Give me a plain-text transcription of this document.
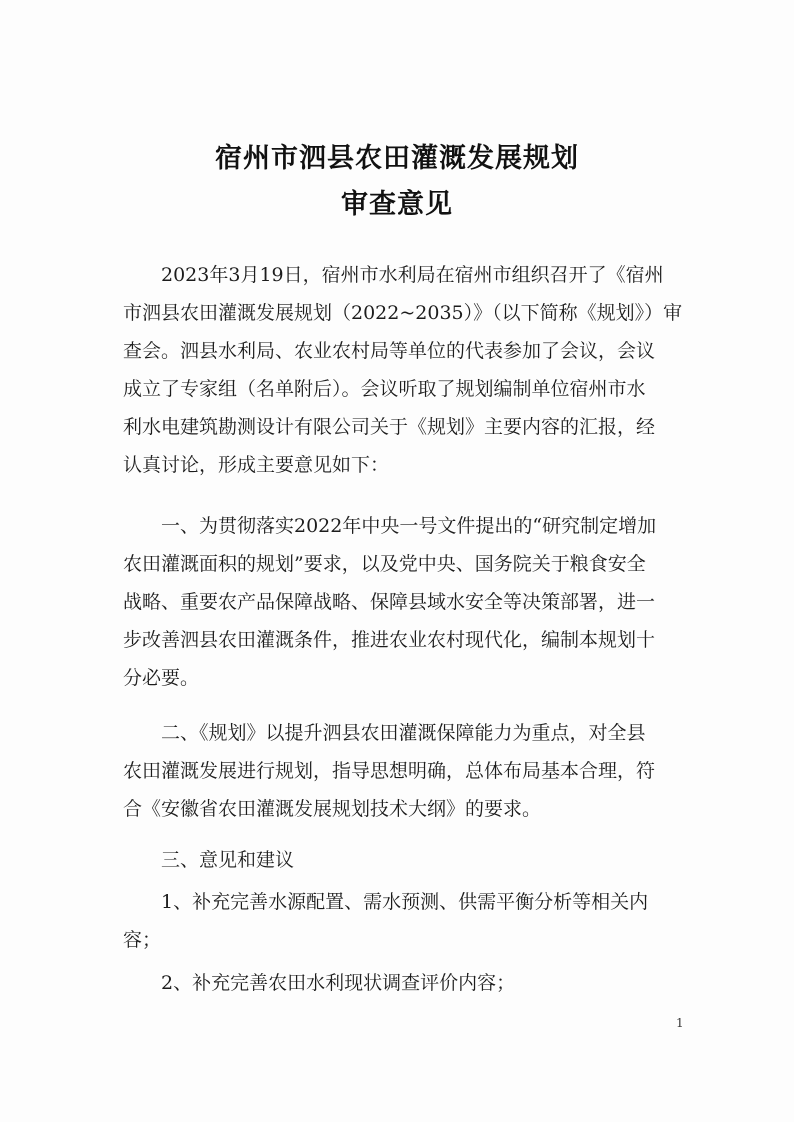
宿州市泗县农田灌溉发展规划
审查意见
2023年3月19日，宿州市水利局在宿州市组织召开了《宿州
市泗县农田灌溉发展规划（2022~2035）》（以下简称《规划》）审
查会。泗县水利局、农业农村局等单位的代表参加了会议，会议
成立了专家组（名单附后）。会议听取了规划编制单位宿州市水
利水电建筑勘测设计有限公司关于《规划》主要内容的汇报，经
认真讨论，形成主要意见如下：
一、为贯彻落实2022年中央一号文件提出的“研究制定增加
农田灌溉面积的规划”要求，以及党中央、国务院关于粮食安全
战略、重要农产品保障战略、保障县域水安全等决策部署，进一
步改善泗县农田灌溉条件，推进农业农村现代化，编制本规划十
分必要。
二、《规划》以提升泗县农田灌溉保障能力为重点，对全县
农田灌溉发展进行规划，指导思想明确，总体布局基本合理，符
合《安徽省农田灌溉发展规划技术大纲》的要求。
三、意见和建议
1、补充完善水源配置、需水预测、供需平衡分析等相关内
容；
2、补充完善农田水利现状调查评价内容；
1
